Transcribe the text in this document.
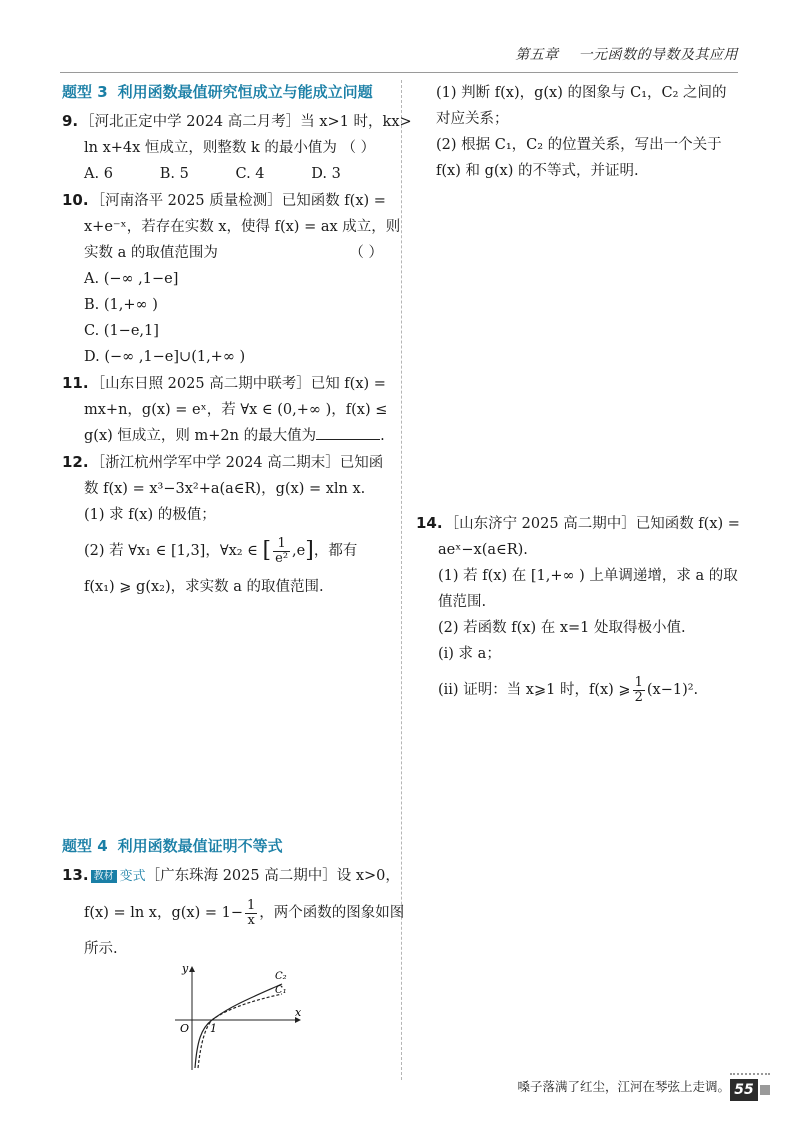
第五章 一元函数的导数及其应用
题型 3 利用函数最值研究恒成立与能成立问题

9. ［河北正定中学 2024 高二月考］当 x>1 时，kx>

ln x+4x 恒成立，则整数 k 的最小值为 （ ）

A. 6	B. 5	C. 4	D. 3

10. ［河南洛平 2025 质量检测］已知函数 f(x) =

x+e⁻ˣ，若存在实数 x，使得 f(x) = ax 成立，则

实数 a 的取值范围为	（ ）

A. (−∞ ,1−e]

B. (1,+∞ )

C. (1−e,1]

D. (−∞ ,1−e]∪(1,+∞ )

11. ［山东日照 2025 高二期中联考］已知 f(x) =

mx+n，g(x) = eˣ，若 ∀x ∈ (0,+∞ )，f(x) ≤

g(x) 恒成立，则 m+2n 的最大值为	.

12. ［浙江杭州学军中学 2024 高二期末］已知函

数 f(x) = x³−3x²+a(a∈R)，g(x) = xln x.

(1) 求 f(x) 的极值；

(2) 若 ∀x₁ ∈ [1,3]，∀x₂ ∈ [ $\frac{1}{\text{e²}} ,e$]，都有

f(x₁) ⩾ g(x₂)，求实数 a 的取值范围.

题型 4 利用函数最值证明不等式

13. 教材 变式［广东珠海 2025 高二期中］设 x>0，

f(x) = ln x，$g(x) = 1- \frac{1}{x}$ ，两个函数的图象如图

所示.

y
x
O 1
C₂
C₁

(1) 判断 f(x)，g(x) 的图象与 C₁，C₂ 之间的

对应关系；

(2) 根据 C₁，C₂ 的位置关系，写出一个关于

f(x) 和 g(x) 的不等式，并证明.

14. ［山东济宁 2025 高二期中］已知函数 f(x) =

aeˣ−x(a∈R).

(1) 若 f(x) 在 [1,+∞ ) 上单调递增，求 a 的取

值范围.

(2) 若函数 f(x) 在 x=1 处取得极小值.

(i) 求 a；

(ii) 证明：当 x⩾1 时，f(x) ⩾ $\frac{1}{2} (x-1)^2$.

嗓子落满了红尘，江河在琴弦上走调。 55
